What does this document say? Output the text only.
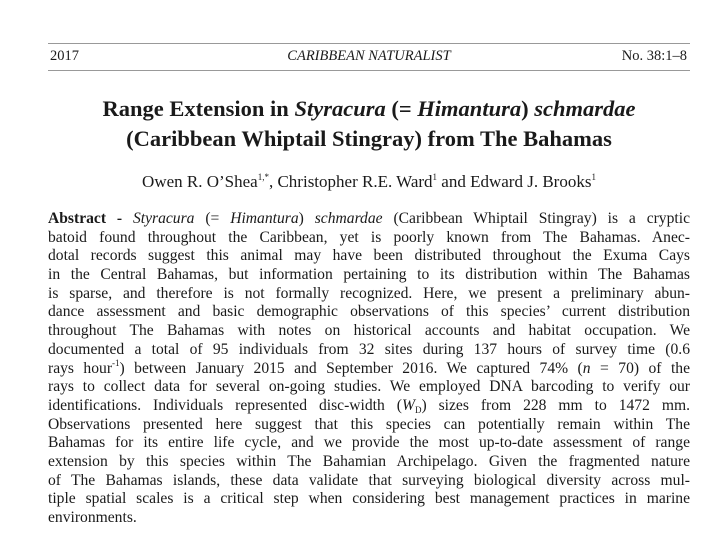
2017	CARIBBEAN NATURALIST	No. 38:1–8
Range Extension in Styracura (= Himantura) schmardae
(Caribbean Whiptail Stingray) from The Bahamas
Owen R. O’Shea$^{1,*}$, Christopher R.E. Ward$^1$ and Edward J. Brooks$^1$
Abstract - Styracura (= Himantura) schmardae (Caribbean Whiptail Stingray) is a cryptic
batoid found throughout the Caribbean, yet is poorly known from The Bahamas. Anec-
dotal records suggest this animal may have been distributed throughout the Exuma Cays
in the Central Bahamas, but information pertaining to its distribution within The Bahamas
is sparse, and therefore is not formally recognized. Here, we present a preliminary abun-
dance assessment and basic demographic observations of this species’ current distribution
throughout The Bahamas with notes on historical accounts and habitat occupation. We
documented a total of 95 individuals from 32 sites during 137 hours of survey time (0.6
rays hour$^{-1}$) between January 2015 and September 2016. We captured 74% (n = 70) of the
rays to collect data for several on-going studies. We employed DNA barcoding to verify our
identifications. Individuals represented disc-width $(W_D)$ sizes from 228 mm to 1472 mm.
Observations presented here suggest that this species can potentially remain within The
Bahamas for its entire life cycle, and we provide the most up-to-date assessment of range
extension by this species within The Bahamian Archipelago. Given the fragmented nature
of The Bahamas islands, these data validate that surveying biological diversity across mul-
tiple spatial scales is a critical step when considering best management practices in marine
environments.
